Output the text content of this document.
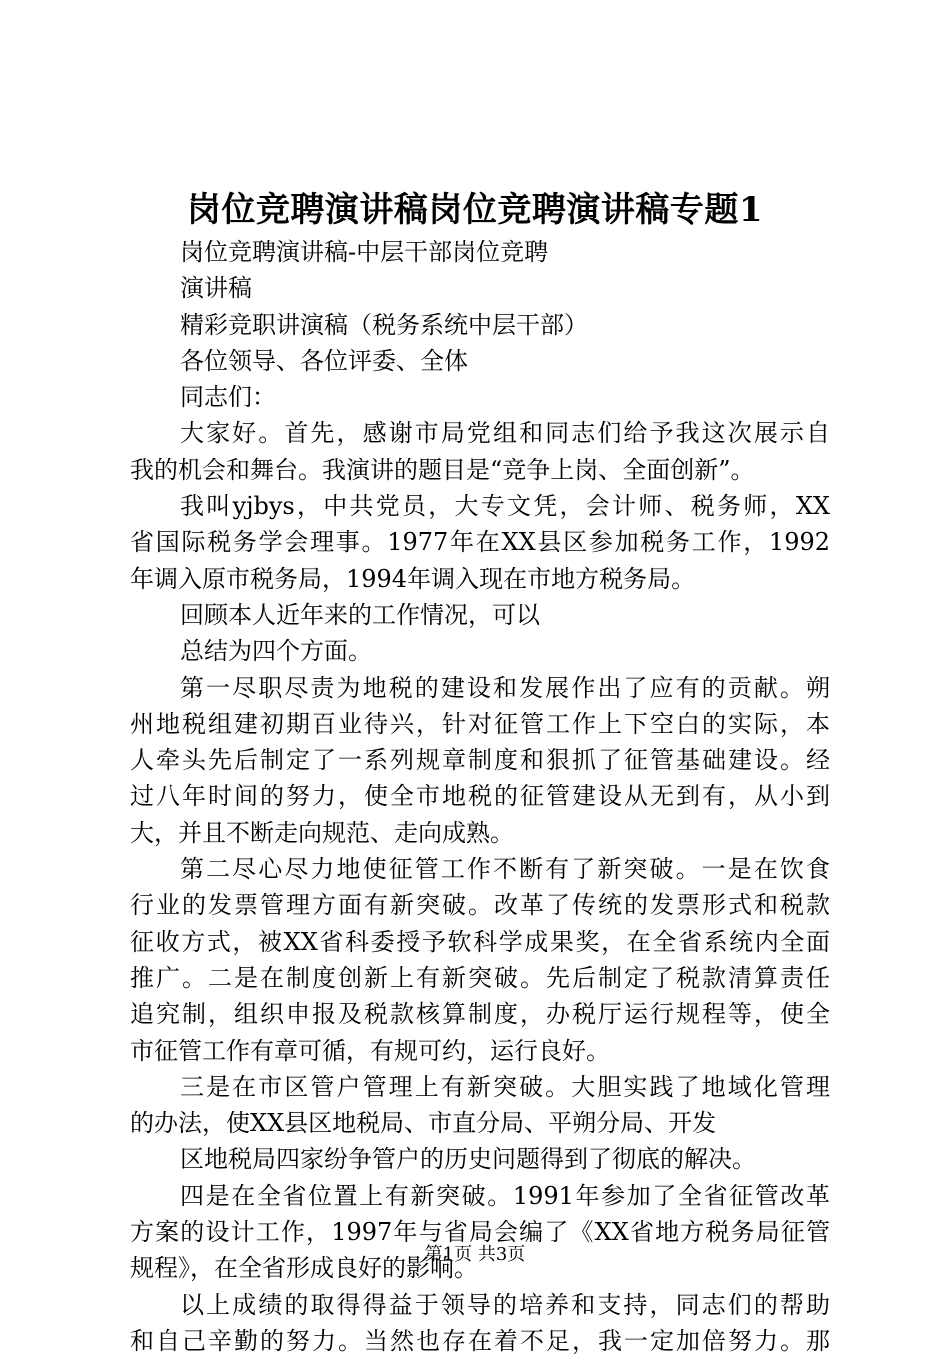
岗位竞聘演讲稿岗位竞聘演讲稿专题1
岗位竞聘演讲稿-中层干部岗位竞聘
演讲稿
精彩竞职讲演稿（税务系统中层干部）
各位领导、各位评委、全体
同志们：
大家好。首先，感谢市局党组和同志们给予我这次展示自
我的机会和舞台。我演讲的题目是“竞争上岗、全面创新”。
我叫yjbys，中共党员，大专文凭，会计师、税务师，XX
省国际税务学会理事。1977年在XX县区参加税务工作，1992
年调入原市税务局，1994年调入现在市地方税务局。
回顾本人近年来的工作情况，可以
总结为四个方面。
第一尽职尽责为地税的建设和发展作出了应有的贡献。朔
州地税组建初期百业待兴，针对征管工作上下空白的实际，本
人牵头先后制定了一系列规章制度和狠抓了征管基础建设。经
过八年时间的努力，使全市地税的征管建设从无到有，从小到
大，并且不断走向规范、走向成熟。
第二尽心尽力地使征管工作不断有了新突破。一是在饮食
行业的发票管理方面有新突破。改革了传统的发票形式和税款
征收方式，被XX省科委授予软科学成果奖，在全省系统内全面
推广。二是在制度创新上有新突破。先后制定了税款清算责任
追究制，组织申报及税款核算制度，办税厅运行规程等，使全
市征管工作有章可循，有规可约，运行良好。
三是在市区管户管理上有新突破。大胆实践了地域化管理
的办法，使XX县区地税局、市直分局、平朔分局、开发
区地税局四家纷争管户的历史问题得到了彻底的解决。
四是在全省位置上有新突破。1991年参加了全省征管改革
方案的设计工作，1997年与省局会编了《XX省地方税务局征管
规程》，在全省形成良好的影响。
以上成绩的取得得益于领导的培养和支持，同志们的帮助
和自己辛勤的努力。当然也存在着不足，我一定加倍努力。那
第1页 共3页
